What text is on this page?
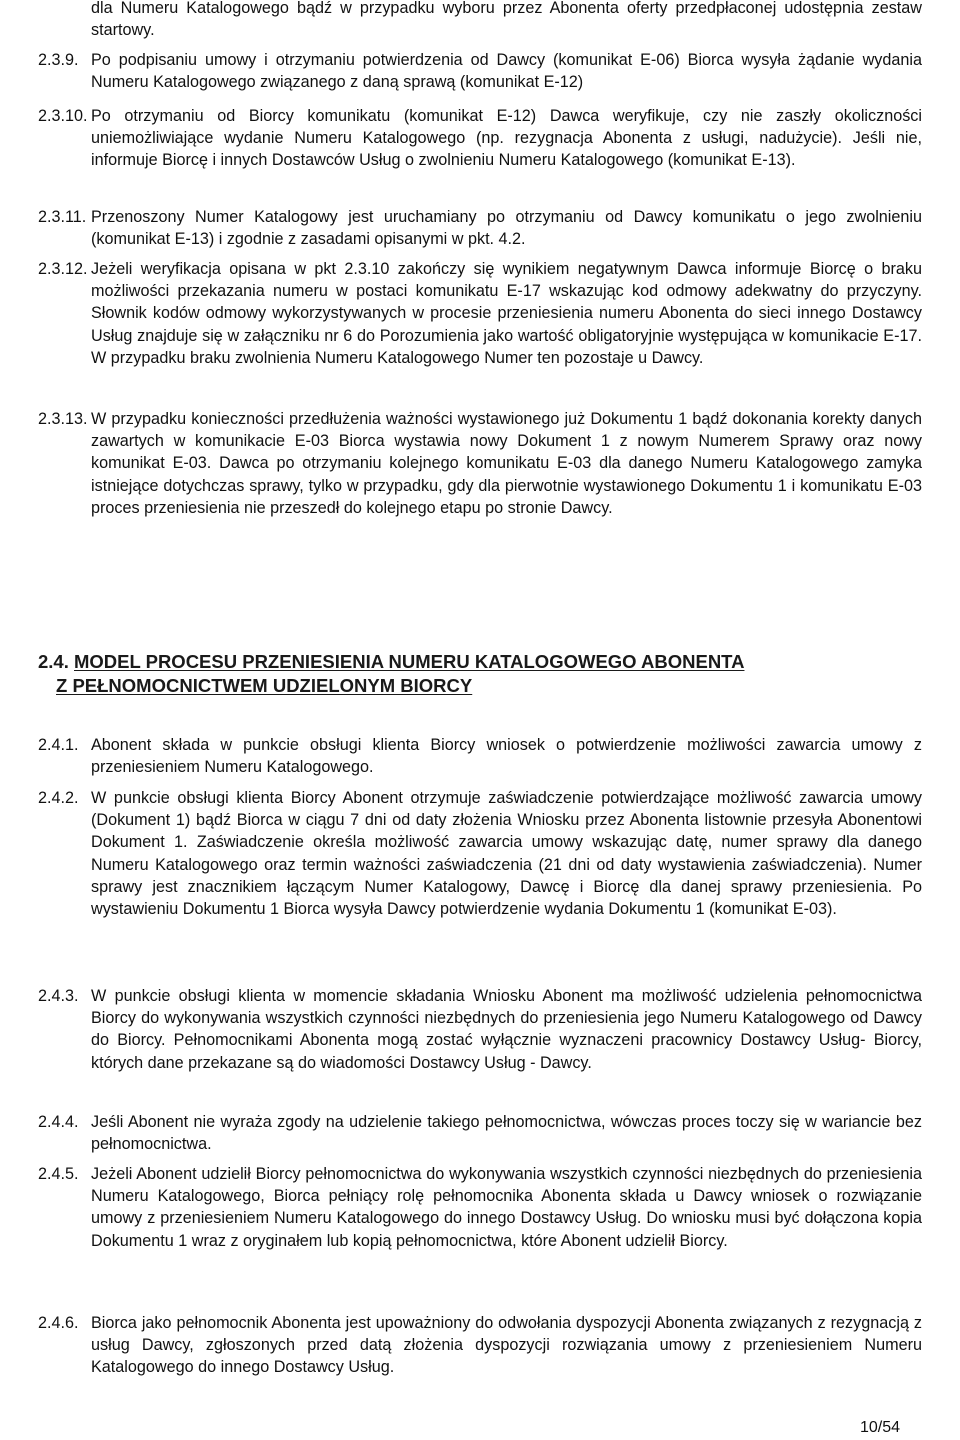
dla Numeru Katalogowego bądź w przypadku wyboru przez Abonenta oferty przedpłaconej udostępnia zestaw startowy.

2.3.9. Po podpisaniu umowy i otrzymaniu potwierdzenia od Dawcy (komunikat E-06) Biorca wysyła żądanie wydania Numeru Katalogowego związanego z daną sprawą (komunikat E-12)

2.3.10. Po otrzymaniu od Biorcy komunikatu (komunikat E-12) Dawca weryfikuje, czy nie zaszły okoliczności uniemożliwiające wydanie Numeru Katalogowego (np. rezygnacja Abonenta z usługi, nadużycie). Jeśli nie, informuje Biorcę i innych Dostawców Usług o zwolnieniu Numeru Katalogowego (komunikat E-13).

2.3.11. Przenoszony Numer Katalogowy jest uruchamiany po otrzymaniu od Dawcy komunikatu o jego zwolnieniu (komunikat E-13) i zgodnie z zasadami opisanymi w pkt. 4.2.

2.3.12. Jeżeli weryfikacja opisana w pkt 2.3.10 zakończy się wynikiem negatywnym Dawca informuje Biorcę o braku możliwości przekazania numeru w postaci komunikatu E-17 wskazując kod odmowy adekwatny do przyczyny. Słownik kodów odmowy wykorzystywanych w procesie przeniesienia numeru Abonenta do sieci innego Dostawcy Usług znajduje się w załączniku nr 6 do Porozumienia jako wartość obligatoryjnie występująca w komunikacie E-17. W przypadku braku zwolnienia Numeru Katalogowego Numer ten pozostaje u Dawcy.

2.3.13. W przypadku konieczności przedłużenia ważności wystawionego już Dokumentu 1 bądź dokonania korekty danych zawartych w komunikacie E-03 Biorca wystawia nowy Dokument 1 z nowym Numerem Sprawy oraz nowy komunikat E-03. Dawca po otrzymaniu kolejnego komunikatu E-03 dla danego Numeru Katalogowego zamyka istniejące dotychczas sprawy, tylko w przypadku, gdy dla pierwotnie wystawionego Dokumentu 1 i komunikatu E-03 proces przeniesienia nie przeszedł do kolejnego etapu po stronie Dawcy.

2.4. MODEL PROCESU PRZENIESIENIA NUMERU KATALOGOWEGO ABONENTA
Z PEŁNOMOCNICTWEM UDZIELONYM BIORCY

2.4.1. Abonent składa w punkcie obsługi klienta Biorcy wniosek o potwierdzenie możliwości zawarcia umowy z przeniesieniem Numeru Katalogowego.

2.4.2. W punkcie obsługi klienta Biorcy Abonent otrzymuje zaświadczenie potwierdzające możliwość zawarcia umowy (Dokument 1) bądź Biorca w ciągu 7 dni od daty złożenia Wniosku przez Abonenta listownie przesyła Abonentowi Dokument 1. Zaświadczenie określa możliwość zawarcia umowy wskazując datę, numer sprawy dla danego Numeru Katalogowego oraz termin ważności zaświadczenia (21 dni od daty wystawienia zaświadczenia). Numer sprawy jest znacznikiem łączącym Numer Katalogowy, Dawcę i Biorcę dla danej sprawy przeniesienia. Po wystawieniu Dokumentu 1 Biorca wysyła Dawcy potwierdzenie wydania Dokumentu 1 (komunikat E-03).

2.4.3. W punkcie obsługi klienta w momencie składania Wniosku Abonent ma możliwość udzielenia pełnomocnictwa Biorcy do wykonywania wszystkich czynności niezbędnych do przeniesienia jego Numeru Katalogowego od Dawcy do Biorcy. Pełnomocnikami Abonenta mogą zostać wyłącznie wyznaczeni pracownicy Dostawcy Usług- Biorcy, których dane przekazane są do wiadomości Dostawcy Usług - Dawcy.

2.4.4. Jeśli Abonent nie wyraża zgody na udzielenie takiego pełnomocnictwa, wówczas proces toczy się w wariancie bez pełnomocnictwa.

2.4.5. Jeżeli Abonent udzielił Biorcy pełnomocnictwa do wykonywania wszystkich czynności niezbędnych do przeniesienia Numeru Katalogowego, Biorca pełniący rolę pełnomocnika Abonenta składa u Dawcy wniosek o rozwiązanie umowy z przeniesieniem Numeru Katalogowego do innego Dostawcy Usług. Do wniosku musi być dołączona kopia Dokumentu 1 wraz z oryginałem lub kopią pełnomocnictwa, które Abonent udzielił Biorcy.

2.4.6. Biorca jako pełnomocnik Abonenta jest upoważniony do odwołania dyspozycji Abonenta związanych z rezygnacją z usług Dawcy, zgłoszonych przed datą złożenia dyspozycji rozwiązania umowy z przeniesieniem Numeru Katalogowego do innego Dostawcy Usług.

10/54
